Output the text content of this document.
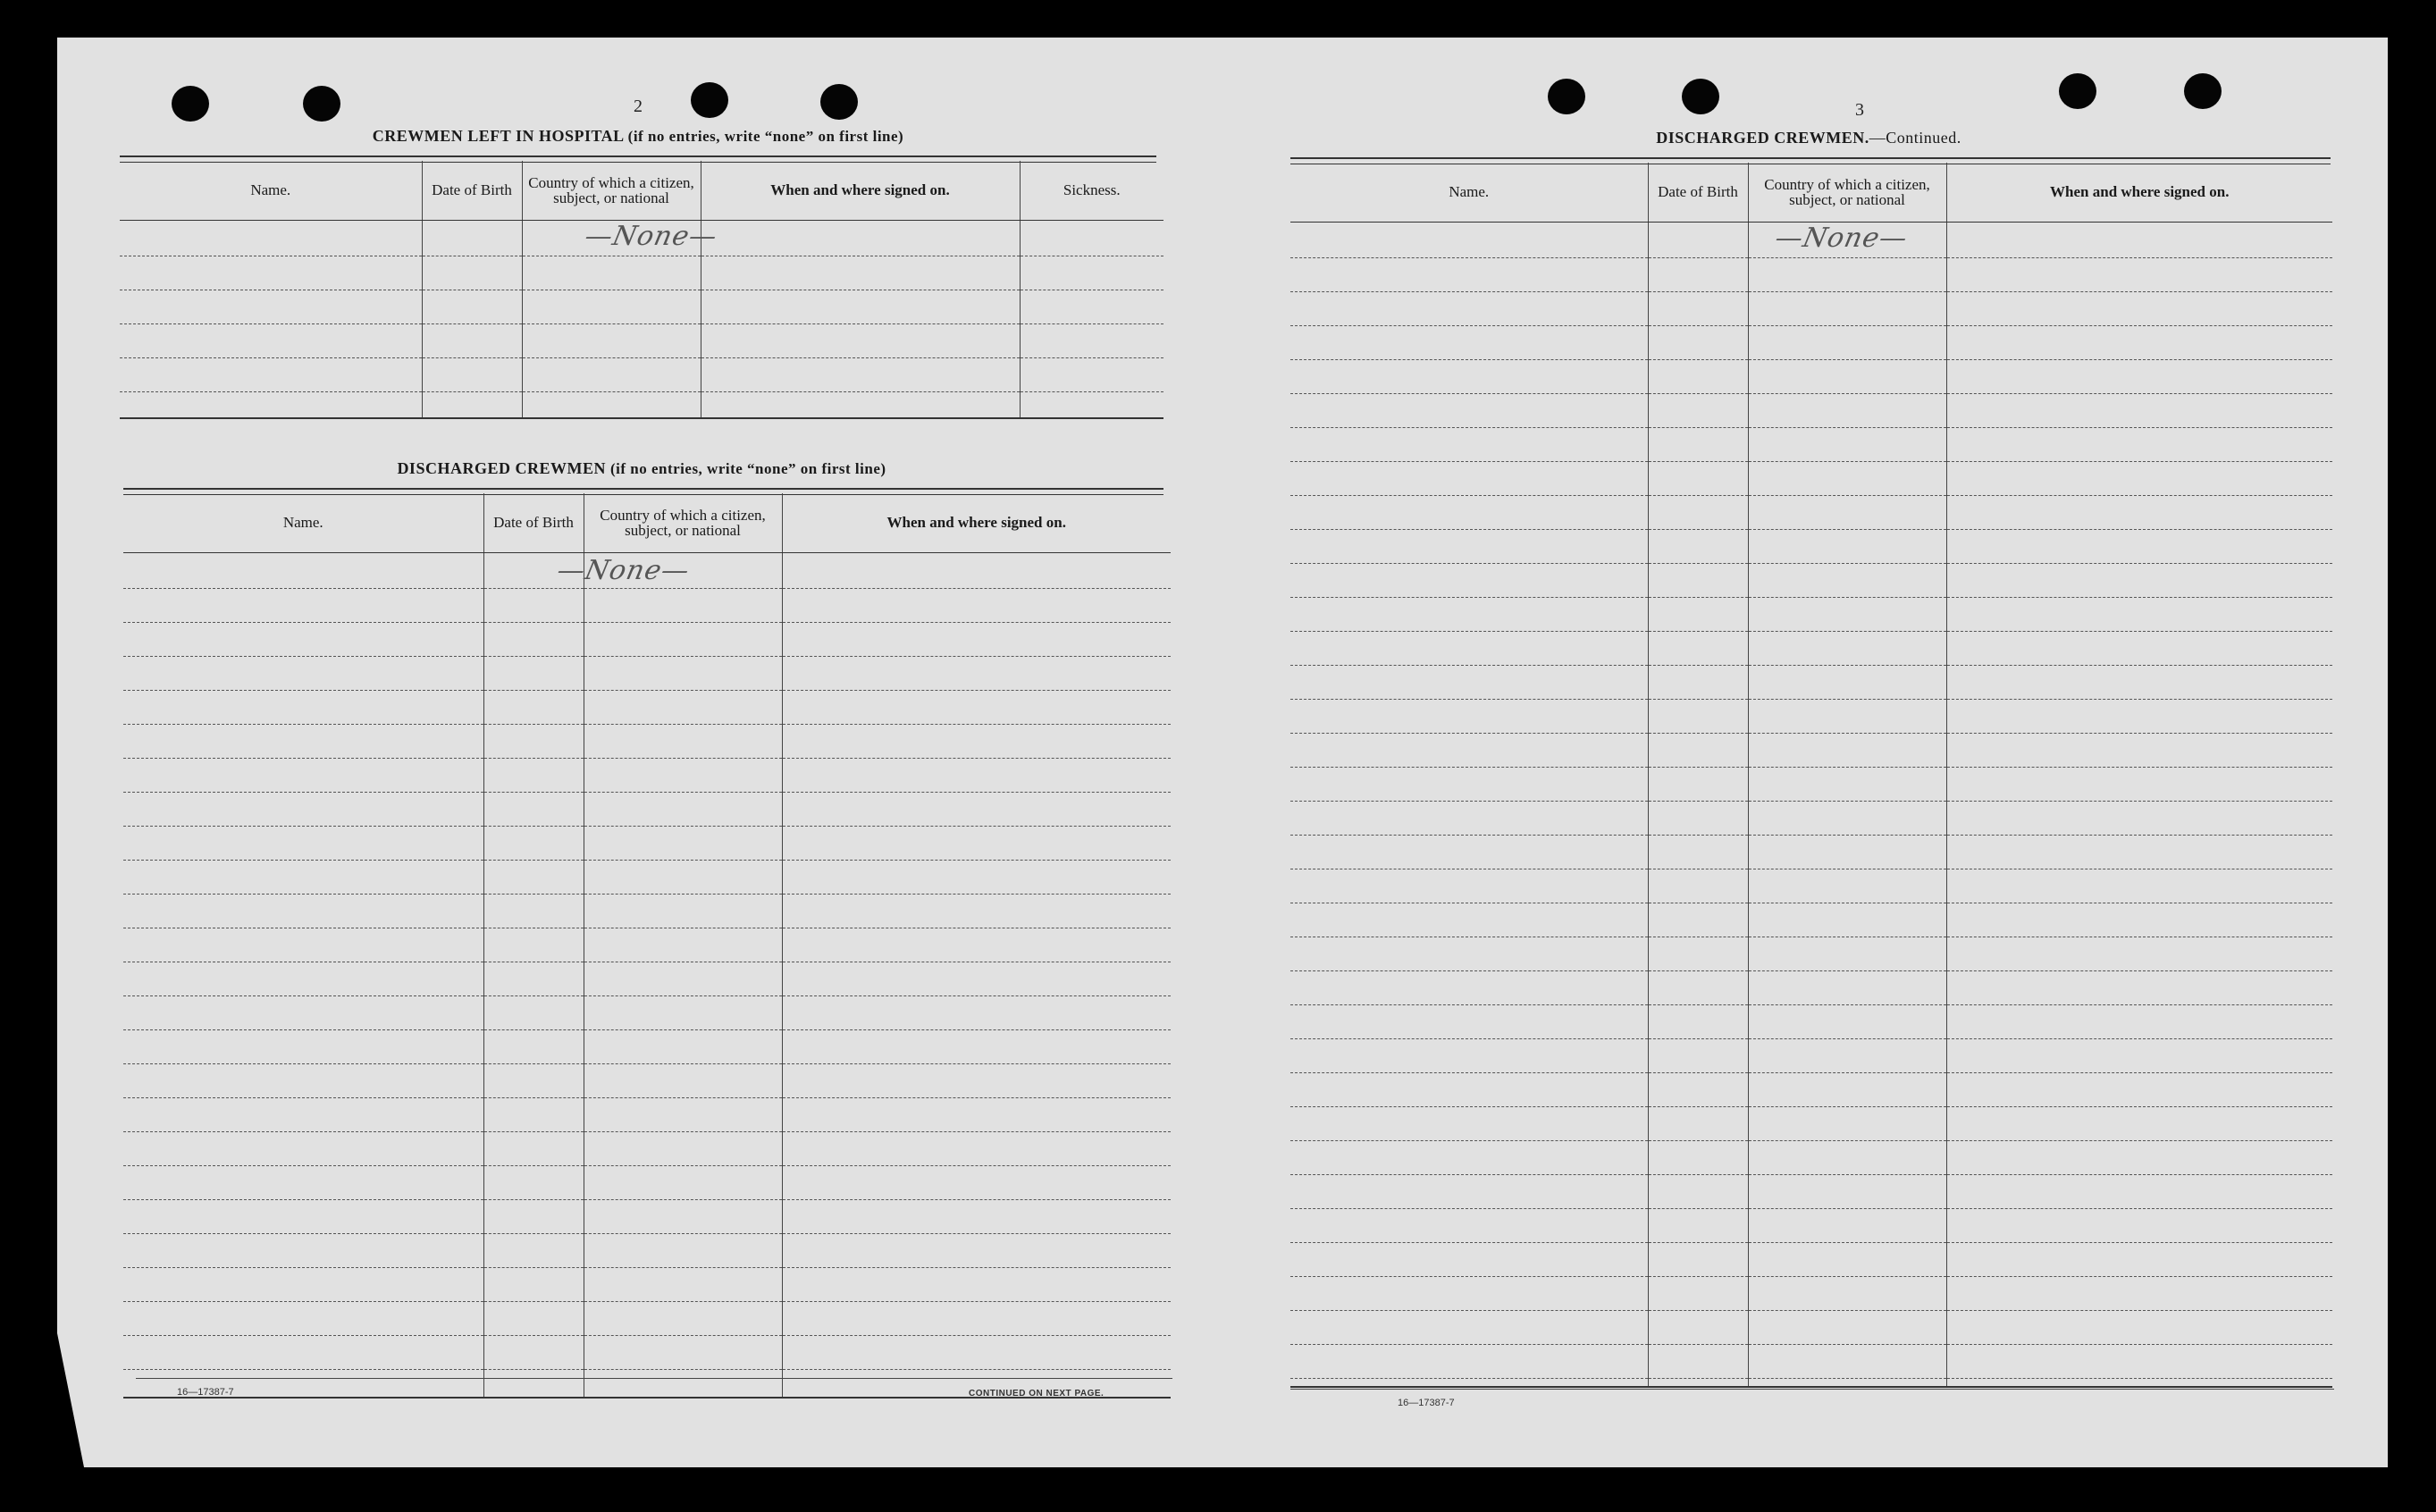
2
CREWMEN LEFT IN HOSPITAL (if no entries, write “none” on first line)
Name.	Date of Birth	Country of which a citizen, subject, or national	When and where signed on.	Sickness.

		—None—		

DISCHARGED CREWMEN (if no entries, write “none” on first line)
Name.	Date of Birth	Country of which a citizen, subject, or national	When and where signed on.

		—None—	

16—17387-7	CONTINUED ON NEXT PAGE.
3
DISCHARGED CREWMEN.—Continued.
Name.	Date of Birth	Country of which a citizen, subject, or national	When and where signed on.

		—None—	

16—17387-7
